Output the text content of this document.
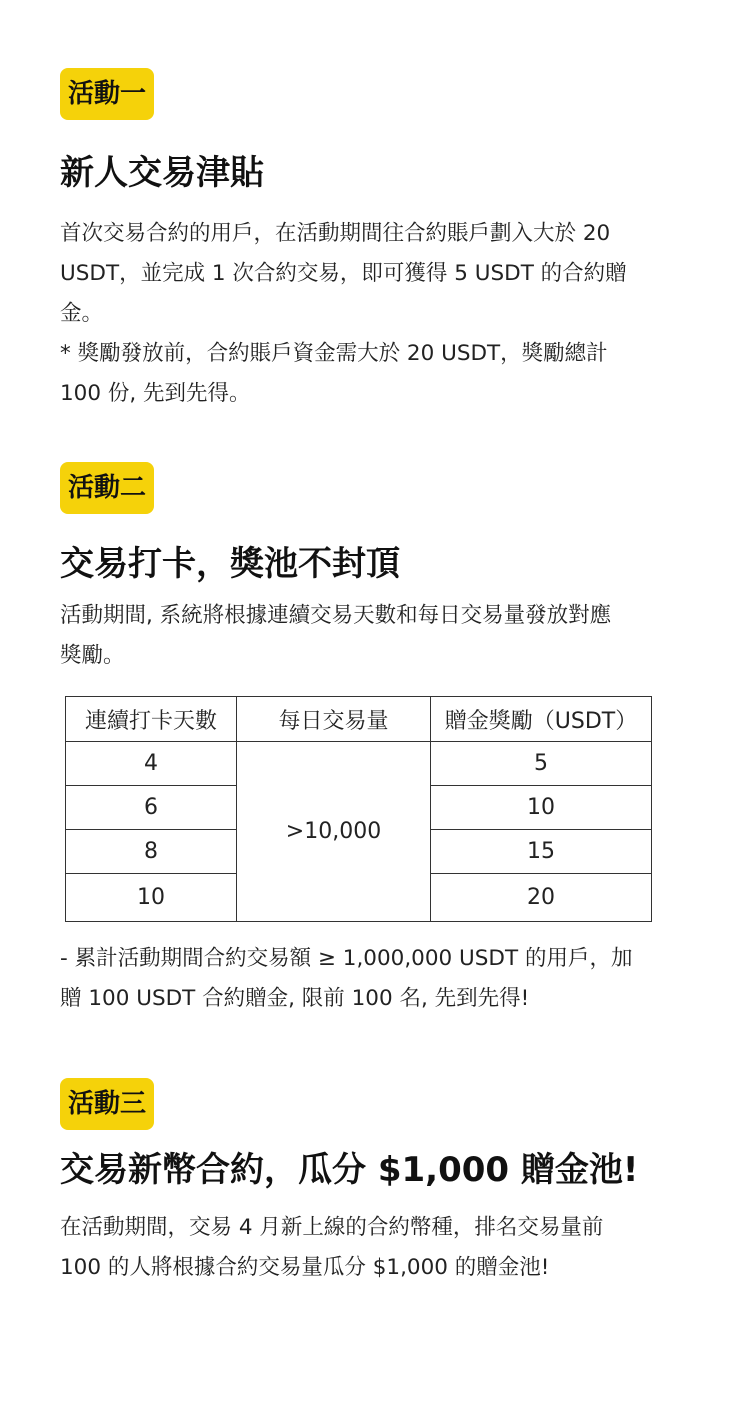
活動一
新人交易津貼

首次交易合約的用戶，在活動期間往合約賬戶劃入大於 20

USDT，並完成 1 次合約交易，即可獲得 5 USDT 的合約贈

金。

* 獎勵發放前，合約賬戶資金需大於 20 USDT，獎勵總計

100 份, 先到先得。

活動二
交易打卡，獎池不封頂

活動期間, 系統將根據連續交易天數和每日交易量發放對應

獎勵。

連續打卡天數	每日交易量	贈金獎勵（USDT）
4	>10,000	5
6		10
8		15
10		20

- 累計活動期間合約交易額 ≥ 1,000,000 USDT 的用戶，加

贈 100 USDT 合約贈金, 限前 100 名, 先到先得!

活動三
交易新幣合約，瓜分 $1,000 贈金池!

在活動期間，交易 4 月新上線的合約幣種，排名交易量前

100 的人將根據合約交易量瓜分 $1,000 的贈金池!
